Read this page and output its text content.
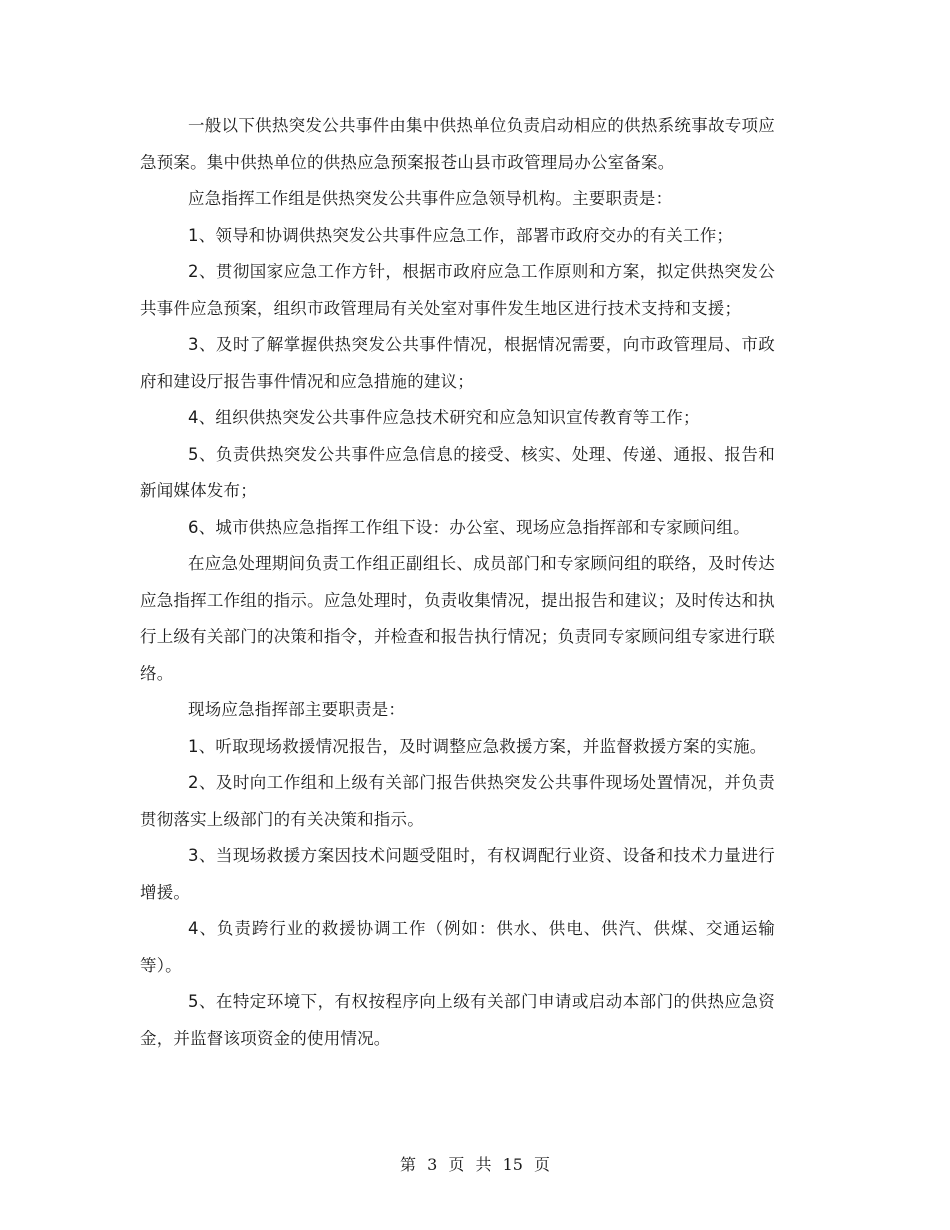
一般以下供热突发公共事件由集中供热单位负责启动相应的供热系统事故专项应急预案。集中供热单位的供热应急预案报苍山县市政管理局办公室备案。

应急指挥工作组是供热突发公共事件应急领导机构。主要职责是：

1、领导和协调供热突发公共事件应急工作，部署市政府交办的有关工作；

2、贯彻国家应急工作方针，根据市政府应急工作原则和方案，拟定供热突发公共事件应急预案，组织市政管理局有关处室对事件发生地区进行技术支持和支援；

3、及时了解掌握供热突发公共事件情况，根据情况需要，向市政管理局、市政府和建设厅报告事件情况和应急措施的建议；

4、组织供热突发公共事件应急技术研究和应急知识宣传教育等工作；

5、负责供热突发公共事件应急信息的接受、核实、处理、传递、通报、报告和新闻媒体发布；

6、城市供热应急指挥工作组下设：办公室、现场应急指挥部和专家顾问组。

在应急处理期间负责工作组正副组长、成员部门和专家顾问组的联络，及时传达应急指挥工作组的指示。应急处理时，负责收集情况，提出报告和建议；及时传达和执行上级有关部门的决策和指令，并检查和报告执行情况；负责同专家顾问组专家进行联络。

现场应急指挥部主要职责是：

1、听取现场救援情况报告，及时调整应急救援方案，并监督救援方案的实施。

2、及时向工作组和上级有关部门报告供热突发公共事件现场处置情况，并负责贯彻落实上级部门的有关决策和指示。

3、当现场救援方案因技术问题受阻时，有权调配行业资、设备和技术力量进行增援。

4、负责跨行业的救援协调工作（例如：供水、供电、供汽、供煤、交通运输等）。

5、在特定环境下，有权按程序向上级有关部门申请或启动本部门的供热应急资金，并监督该项资金的使用情况。

第 3 页 共 15 页
